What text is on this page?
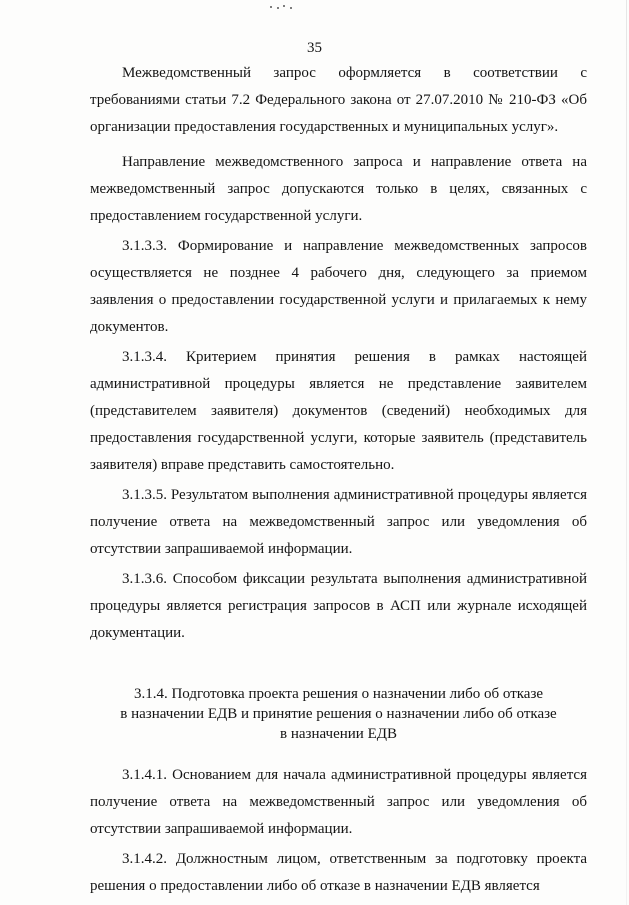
35

Межведомственный запрос оформляется в соответствии с требованиями статьи 7.2 Федерального закона от 27.07.2010 № 210-ФЗ «Об организации предоставления государственных и муниципальных услуг».

Направление межведомственного запроса и направление ответа на межведомственный запрос допускаются только в целях, связанных с предоставлением государственной услуги.

3.1.3.3. Формирование и направление межведомственных запросов осуществляется не позднее 4 рабочего дня, следующего за приемом заявления о предоставлении государственной услуги и прилагаемых к нему документов.

3.1.3.4. Критерием принятия решения в рамках настоящей административной процедуры является не представление заявителем (представителем заявителя) документов (сведений) необходимых для предоставления государственной услуги, которые заявитель (представитель заявителя) вправе представить самостоятельно.

3.1.3.5. Результатом выполнения административной процедуры является получение ответа на межведомственный запрос или уведомления об отсутствии запрашиваемой информации.

3.1.3.6. Способом фиксации результата выполнения административной процедуры является регистрация запросов в АСП или журнале исходящей документации.

3.1.4. Подготовка проекта решения о назначении либо об отказе
в назначении ЕДВ и принятие решения о назначении либо об отказе
в назначении ЕДВ

3.1.4.1. Основанием для начала административной процедуры является получение ответа на межведомственный запрос или уведомления об отсутствии запрашиваемой информации.

3.1.4.2. Должностным лицом, ответственным за подготовку проекта решения о предоставлении либо об отказе в назначении ЕДВ является
